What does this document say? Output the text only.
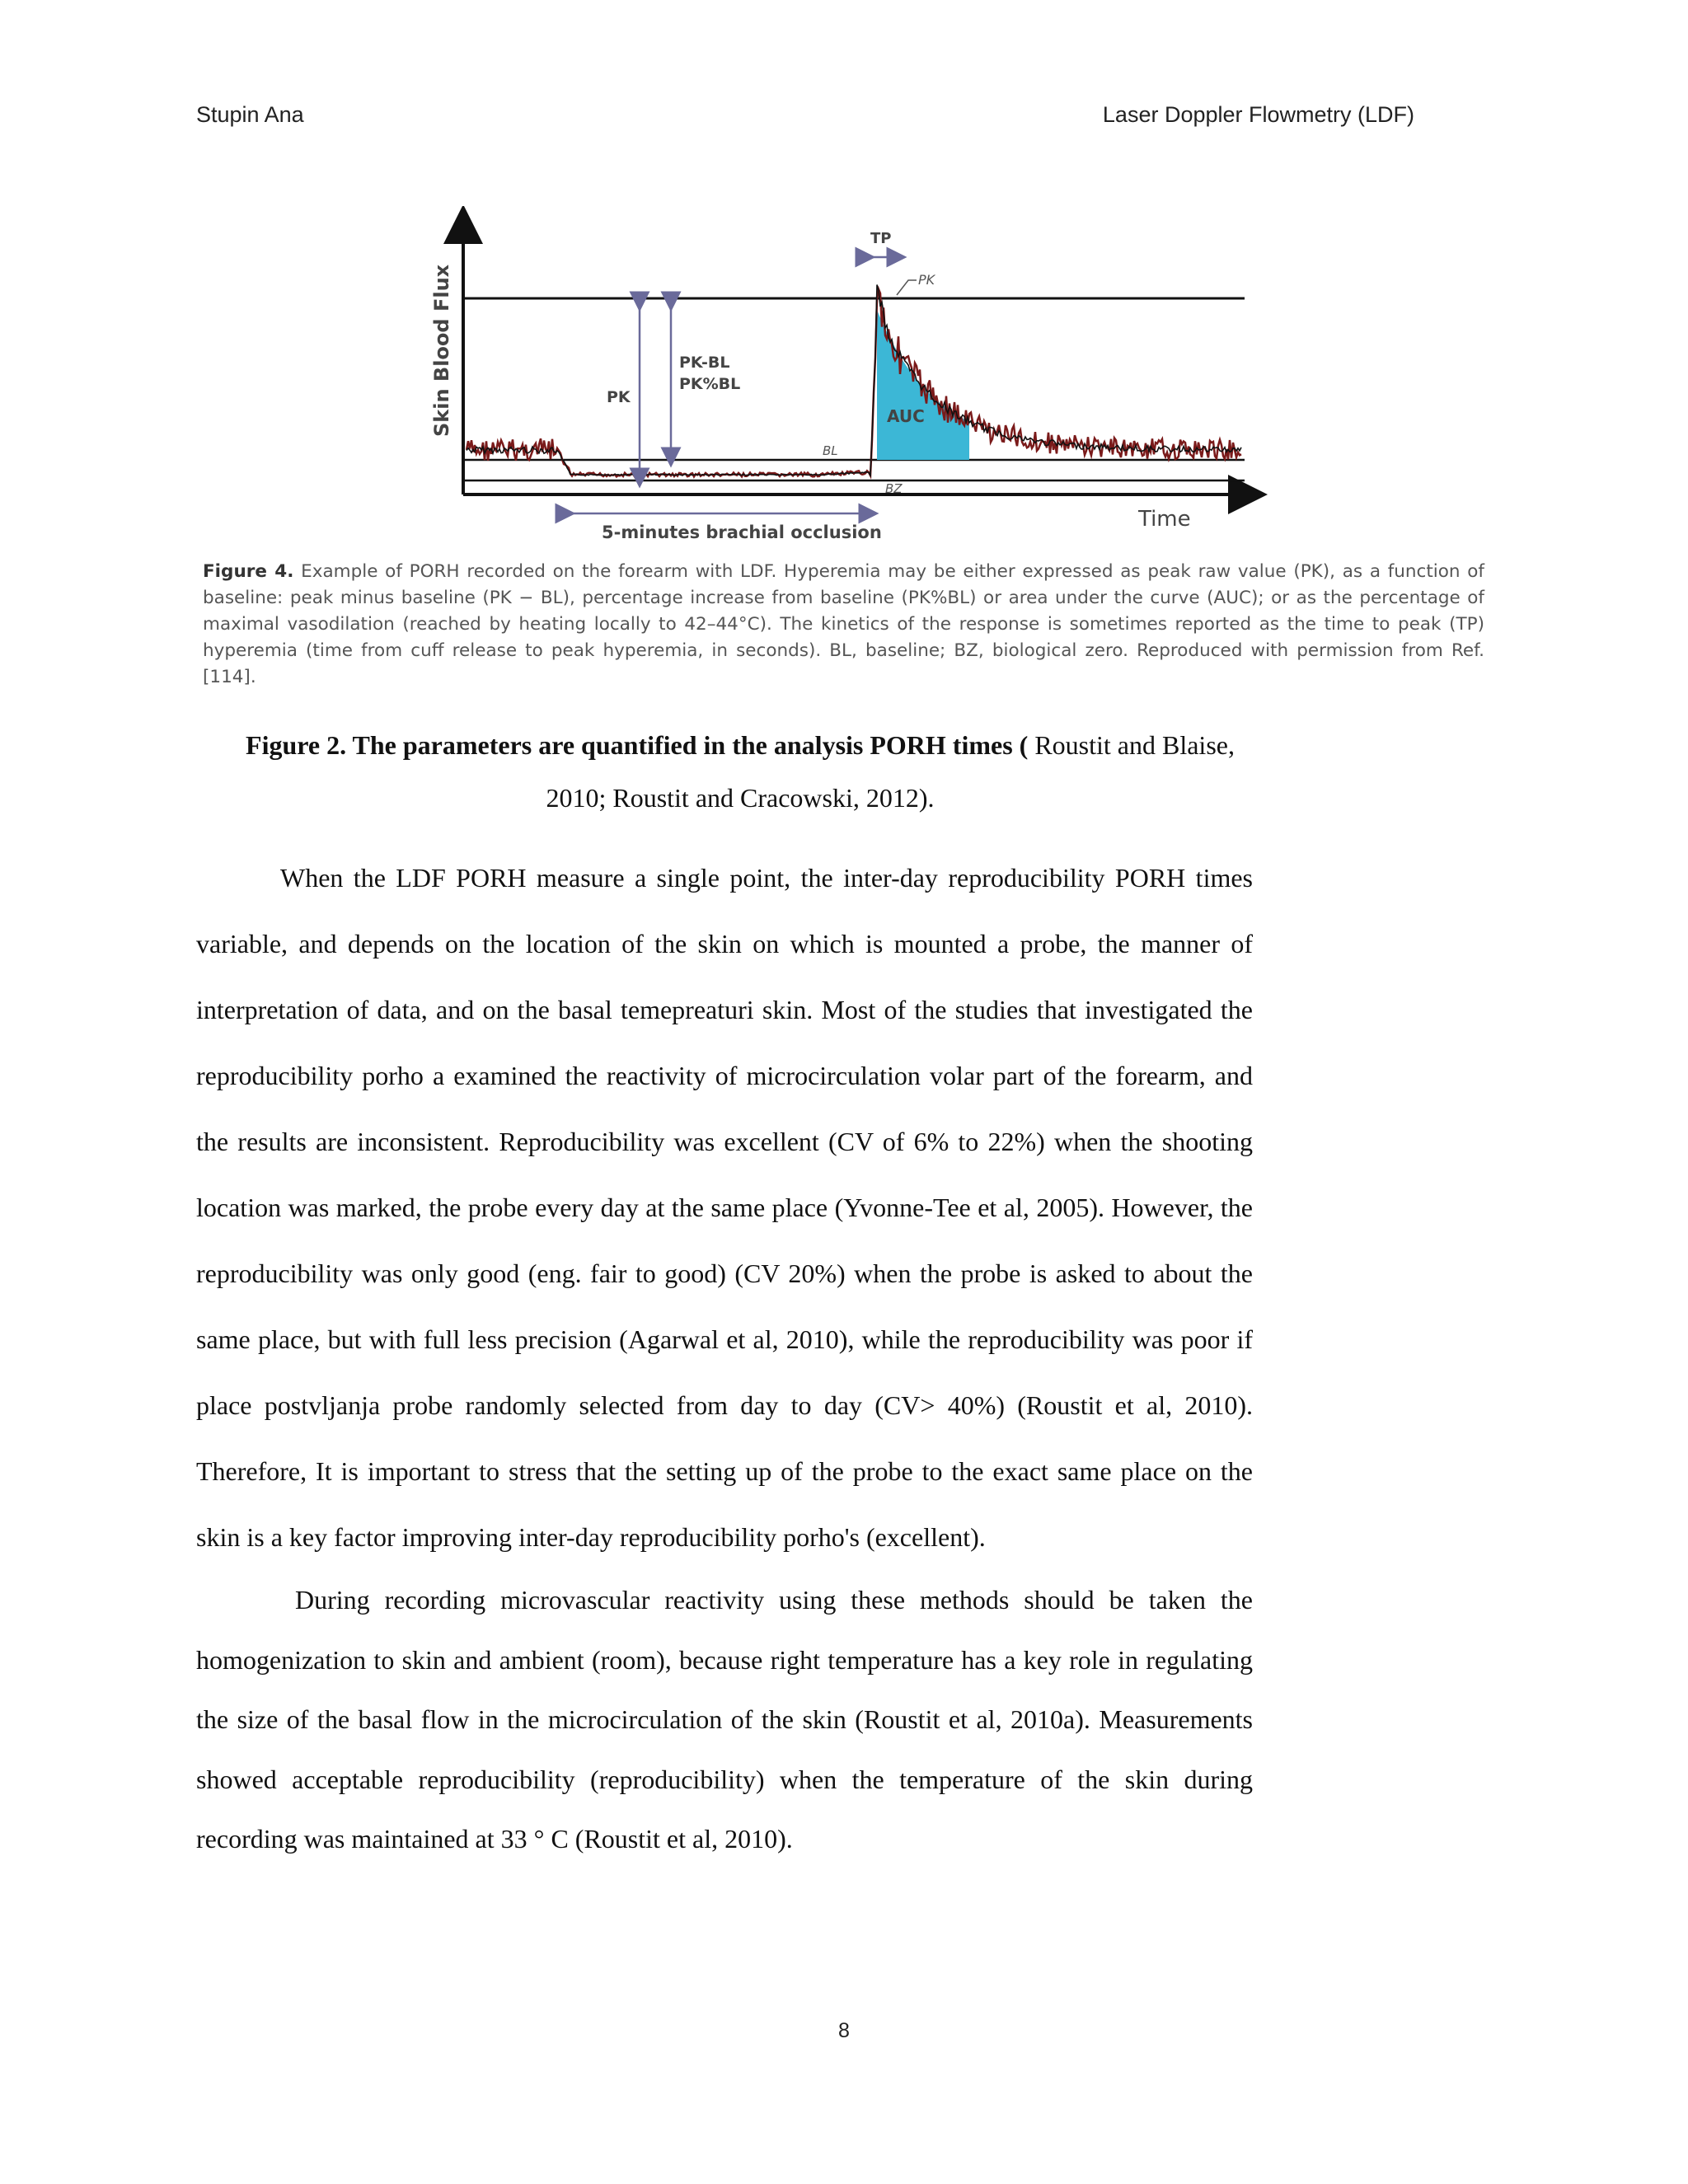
Stupin Ana	Laser Doppler Flowmetry (LDF)
Skin Blood Flux
Time
TP
PK
PK
PK-BL
PK%BL
AUC
BL
BZ
5-minutes brachial occlusion
Figure 4. Example of PORH recorded on the forearm with LDF. Hyperemia may be either expressed as peak raw value (PK), as a function of baseline: peak minus baseline (PK − BL), percentage increase from baseline (PK%BL) or area under the curve (AUC); or as the percentage of maximal vasodilation (reached by heating locally to 42–44°C). The kinetics of the response is sometimes reported as the time to peak (TP) hyperemia (time from cuff release to peak hyperemia, in seconds). BL, baseline; BZ, biological zero. Reproduced with permission from Ref. [114].
Figure 2. The parameters are quantified in the analysis PORH times ( Roustit and Blaise, 2010; Roustit and Cracowski, 2012).

When the LDF PORH measure a single point, the inter-day reproducibility PORH times variable, and depends on the location of the skin on which is mounted a probe, the manner of interpretation of data, and on the basal temepreaturi skin. Most of the studies that investigated the reproducibility porho a examined the reactivity of microcirculation volar part of the forearm, and the results are inconsistent. Reproducibility was excellent (CV of 6% to 22%) when the shooting location was marked, the probe every day at the same place (Yvonne-Tee et al, 2005). However, the reproducibility was only good (eng. fair to good) (CV 20%) when the probe is asked to about the same place, but with full less precision (Agarwal et al, 2010), while the reproducibility was poor if place postvljanja probe randomly selected from day to day (CV> 40%) (Roustit et al, 2010). Therefore, It is important to stress that the setting up of the probe to the exact same place on the skin is a key factor improving inter-day reproducibility porho's (excellent).

During recording microvascular reactivity using these methods should be taken the homogenization to skin and ambient (room), because right temperature has a key role in regulating the size of the basal flow in the microcirculation of the skin (Roustit et al, 2010a). Measurements showed acceptable reproducibility (reproducibility) when the temperature of the skin during recording was maintained at 33 ° C (Roustit et al, 2010).

8
